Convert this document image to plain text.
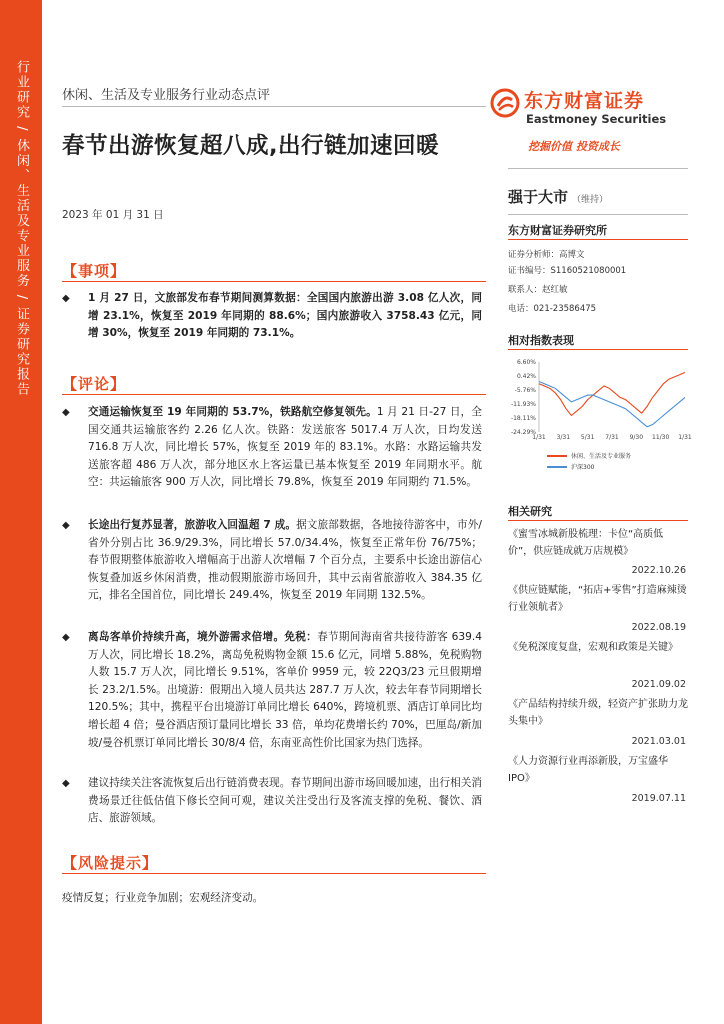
行业研究 / 休闲、生活及专业服务 / 证券研究报告	休闲、生活及专业服务行业动态点评
春节出游恢复超八成,出行链加速回暖
2023 年 01 月 31 日
【事项】
◆ 1 月 27 日，文旅部发布春节期间测算数据：全国国内旅游出游 3.08 亿人次，同增 23.1%，恢复至 2019 年同期的 88.6%；国内旅游收入 3758.43 亿元，同增 30%，恢复至 2019 年同期的 73.1%。
【评论】
◆ 交通运输恢复至 19 年同期的 53.7%，铁路航空修复领先。1 月 21 日-27 日，全国交通共运输旅客约 2.26 亿人次。铁路：发送旅客 5017.4 万人次，日均发送 716.8 万人次，同比增长 57%，恢复至 2019 年的 83.1%。水路：水路运输共发送旅客超 486 万人次，部分地区水上客运量已基本恢复至 2019 年同期水平。航空：共运输旅客 900 万人次，同比增长 79.8%，恢复至 2019 年同期约 71.5%。
◆ 长途出行复苏显著，旅游收入回温超 7 成。据文旅部数据，各地接待游客中，市外/省外分别占比 36.9/29.3%，同比增长 57.0/34.4%，恢复至正常年份 76/75%；春节假期整体旅游收入增幅高于出游人次增幅 7 个百分点，主要系中长途出游信心恢复叠加返乡休闲消费，推动假期旅游市场回升，其中云南省旅游收入 384.35 亿元，排名全国首位，同比增长 249.4%，恢复至 2019 年同期 132.5%。
◆ 离岛客单价持续升高，境外游需求倍增。免税：春节期间海南省共接待游客 639.4 万人次，同比增长 18.2%，离岛免税购物金额 15.6 亿元，同增 5.88%，免税购物人数 15.7 万人次，同比增长 9.51%，客单价 9959 元，较 22Q3/23 元旦假期增长 23.2/1.5%。出境游：假期出入境人员共达 287.7 万人次，较去年春节同期增长 120.5%；其中，携程平台出境游订单同比增长 640%，跨境机票、酒店订单同比均增长超 4 倍；曼谷酒店预订量同比增长 33 倍，单均花费增长约 70%，巴厘岛/新加坡/曼谷机票订单同比增长 30/8/4 倍，东南亚高性价比国家为热门选择。
◆ 建议持续关注客流恢复后出行链消费表现。春节期间出游市场回暖加速，出行相关消费场景迁往低估值下修长空间可观，建议关注受出行及客流支撑的免税、餐饮、酒店、旅游领域。
【风险提示】
疫情反复；行业竞争加剧；宏观经济变动。
东方财富证券
Eastmoney Securities
挖掘价值 投资成长
强于大市 （维持）
东方财富证券研究所
证券分析师：高博文
证书编号：S1160521080001
联系人：赵红敏
电话：021-23586475
相对指数表现
6.60%
0.42%
-5.76%
-11.93%
-18.11%
-24.29%
1/31 3/31 5/31 7/31 9/30 11/30 1/31
休闲、生活及专业服务
沪深300
相关研究
《蜜雪冰城新股梳理：卡位“高质低价”，供应链成就万店规模》
2022.10.26
《供应链赋能，“拓店+零售”打造麻辣烫行业领航者》
2022.08.19
《免税深度复盘，宏观和政策是关键》
2021.09.02
《产品结构持续升级，轻资产扩张助力龙头集中》
2021.03.01
《人力资源行业再添新股，万宝盛华 IPO》
2019.07.11
